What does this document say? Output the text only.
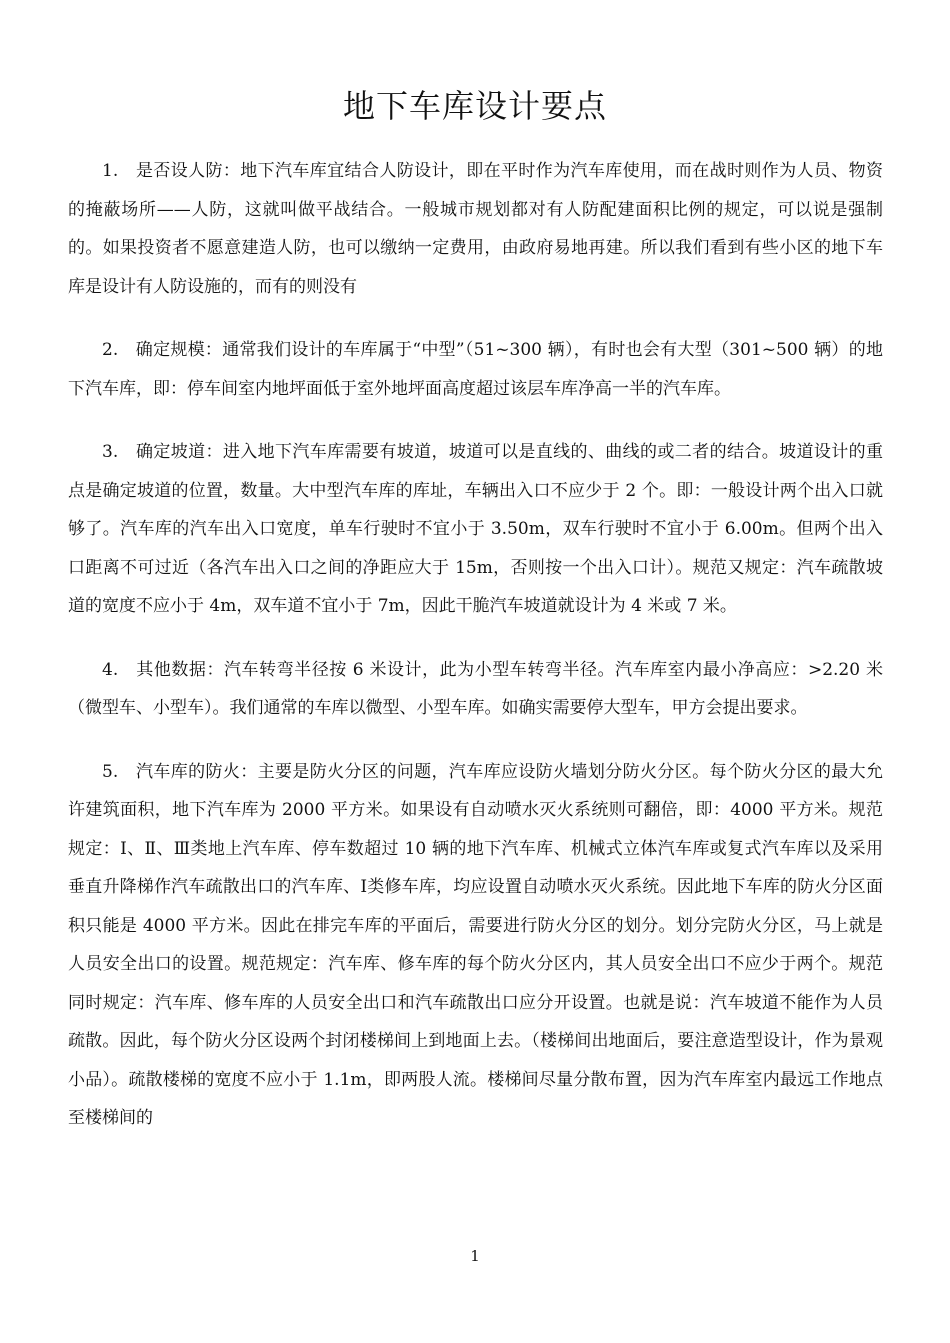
地下车库设计要点

1.　是否设人防：地下汽车库宜结合人防设计，即在平时作为汽车库使用，而在战时则作为人员、物资的掩蔽场所——人防，这就叫做平战结合。一般城市规划都对有人防配建面积比例的规定，可以说是强制的。如果投资者不愿意建造人防，也可以缴纳一定费用，由政府易地再建。所以我们看到有些小区的地下车库是设计有人防设施的，而有的则没有

2.　确定规模：通常我们设计的车库属于“中型”（51~300 辆），有时也会有大型（301~500 辆）的地下汽车库，即：停车间室内地坪面低于室外地坪面高度超过该层车库净高一半的汽车库。

3.　确定坡道：进入地下汽车库需要有坡道，坡道可以是直线的、曲线的或二者的结合。坡道设计的重点是确定坡道的位置，数量。大中型汽车库的库址，车辆出入口不应少于 2 个。即：一般设计两个出入口就够了。汽车库的汽车出入口宽度，单车行驶时不宜小于 3.50m，双车行驶时不宜小于 6.00m。但两个出入口距离不可过近（各汽车出入口之间的净距应大于 15m，否则按一个出入口计）。规范又规定：汽车疏散坡道的宽度不应小于 4m，双车道不宜小于 7m，因此干脆汽车坡道就设计为 4 米或 7 米。

4.　其他数据：汽车转弯半径按 6 米设计，此为小型车转弯半径。汽车库室内最小净高应：>2.20 米（微型车、小型车）。我们通常的车库以微型、小型车库。如确实需要停大型车，甲方会提出要求。

5.　汽车库的防火：主要是防火分区的问题，汽车库应设防火墙划分防火分区。每个防火分区的最大允许建筑面积，地下汽车库为 2000 平方米。如果设有自动喷水灭火系统则可翻倍，即：4000 平方米。规范规定：Ⅰ、Ⅱ、Ⅲ类地上汽车库、停车数超过 10 辆的地下汽车库、机械式立体汽车库或复式汽车库以及采用垂直升降梯作汽车疏散出口的汽车库、Ⅰ类修车库，均应设置自动喷水灭火系统。因此地下车库的防火分区面积只能是 4000 平方米。因此在排完车库的平面后，需要进行防火分区的划分。划分完防火分区，马上就是人员安全出口的设置。规范规定：汽车库、修车库的每个防火分区内，其人员安全出口不应少于两个。规范同时规定：汽车库、修车库的人员安全出口和汽车疏散出口应分开设置。也就是说：汽车坡道不能作为人员疏散。因此，每个防火分区设两个封闭楼梯间上到地面上去。（楼梯间出地面后，要注意造型设计，作为景观小品）。疏散楼梯的宽度不应小于 1.1m，即两股人流。楼梯间尽量分散布置，因为汽车库室内最远工作地点至楼梯间的

1
